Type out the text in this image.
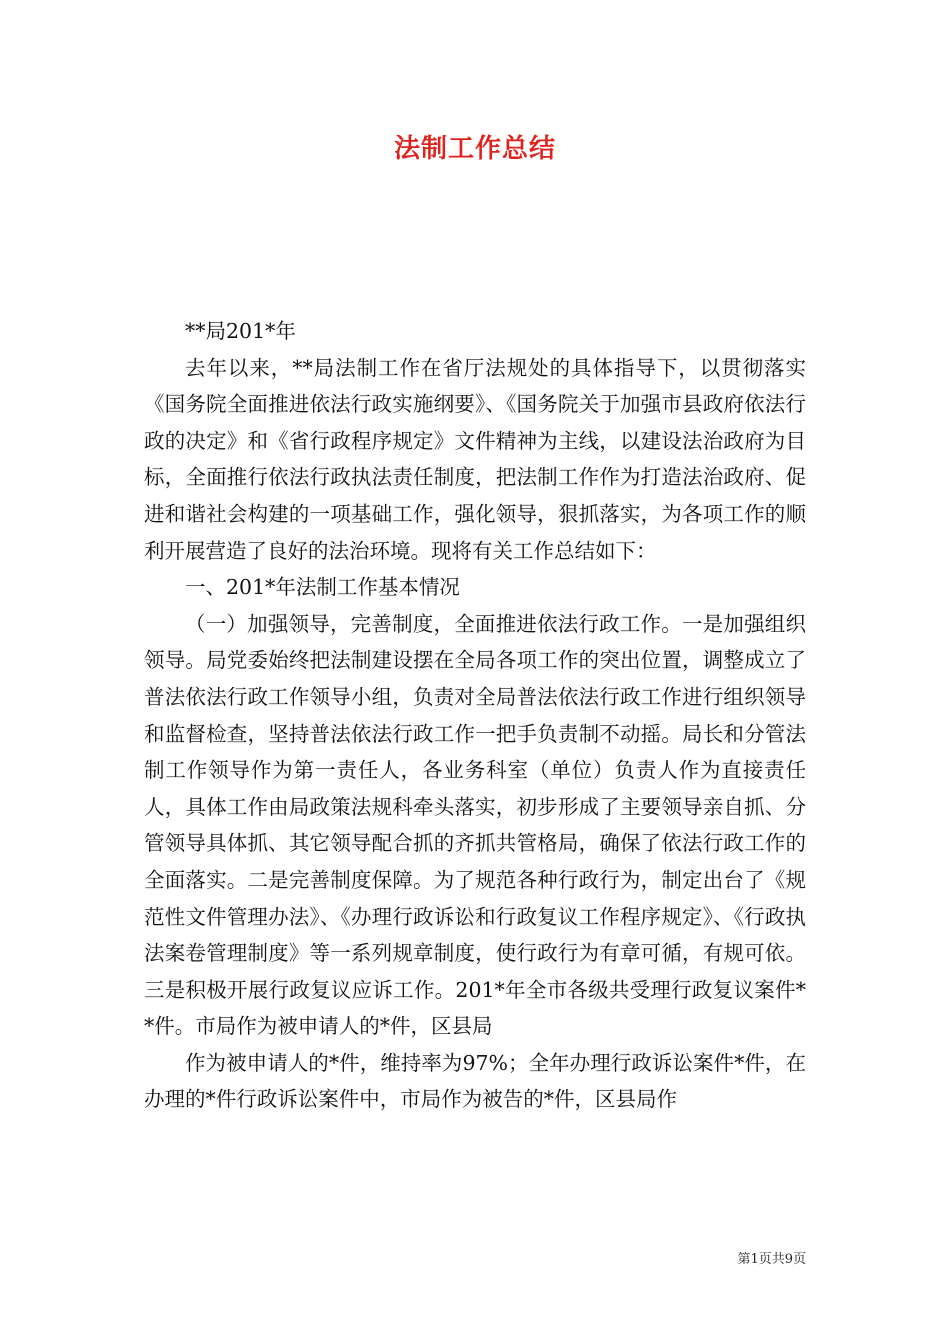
法制工作总结

**局201*年

去年以来，**局法制工作在省厅法规处的具体指导下，以贯彻落实《国务院全面推进依法行政实施纲要》、《国务院关于加强市县政府依法行政的决定》和《省行政程序规定》文件精神为主线，以建设法治政府为目标，全面推行依法行政执法责任制度，把法制工作作为打造法治政府、促进和谐社会构建的一项基础工作，强化领导，狠抓落实，为各项工作的顺利开展营造了良好的法治环境。现将有关工作总结如下：

一、201*年法制工作基本情况

（一）加强领导，完善制度，全面推进依法行政工作。一是加强组织领导。局党委始终把法制建设摆在全局各项工作的突出位置，调整成立了普法依法行政工作领导小组，负责对全局普法依法行政工作进行组织领导和监督检查，坚持普法依法行政工作一把手负责制不动摇。局长和分管法制工作领导作为第一责任人，各业务科室（单位）负责人作为直接责任人，具体工作由局政策法规科牵头落实，初步形成了主要领导亲自抓、分管领导具体抓、其它领导配合抓的齐抓共管格局，确保了依法行政工作的全面落实。二是完善制度保障。为了规范各种行政行为，制定出台了《规范性文件管理办法》、《办理行政诉讼和行政复议工作程序规定》、《行政执法案卷管理制度》等一系列规章制度，使行政行为有章可循，有规可依。三是积极开展行政复议应诉工作。201*年全市各级共受理行政复议案件**件。市局作为被申请人的*件，区县局

作为被申请人的*件，维持率为97%；全年办理行政诉讼案件*件，在办理的*件行政诉讼案件中，市局作为被告的*件，区县局作

第1页共9页
